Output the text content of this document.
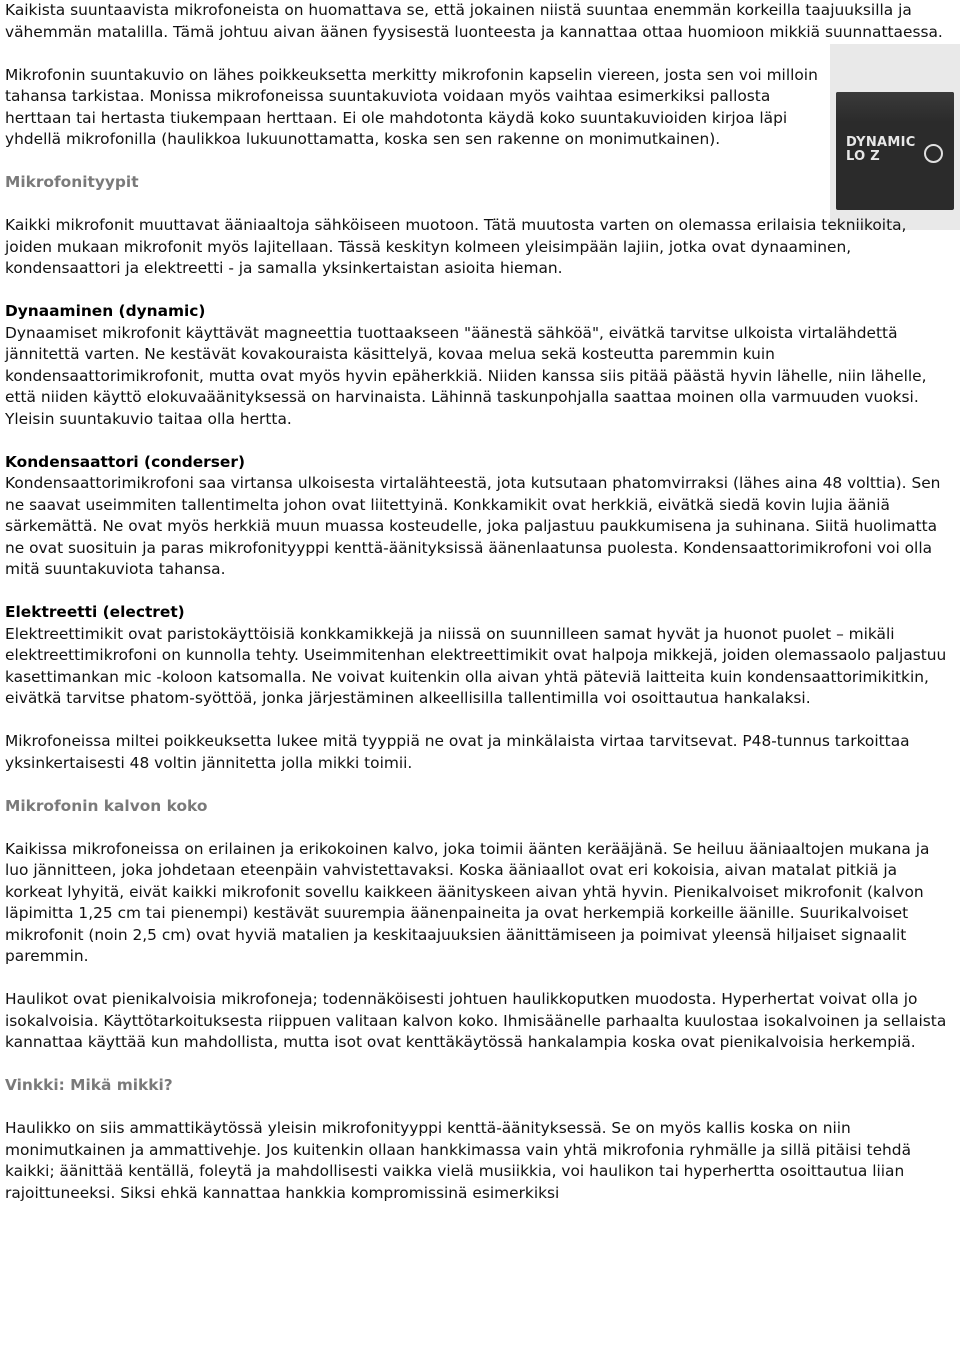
DYNAMIC
LO Z

Kaikista suuntaavista mikrofoneista on huomattava se, että jokainen niistä suuntaa enemmän korkeilla taajuuksilla ja vähemmän matalilla. Tämä johtuu aivan äänen fyysisestä luonteesta ja kannattaa ottaa huomioon mikkiä suunnattaessa.

Mikrofonin suuntakuvio on lähes poikkeuksetta merkitty mikrofonin kapselin viereen, josta sen voi milloin tahansa tarkistaa. Monissa mikrofoneissa suuntakuviota voidaan myös vaihtaa esimerkiksi pallosta herttaan tai hertasta tiukempaan herttaan. Ei ole mahdotonta käydä koko suuntakuvioiden kirjoa läpi yhdellä mikrofonilla (haulikkoa lukuunottamatta, koska sen sen rakenne on monimutkainen).

Mikrofonityypit

Kaikki mikrofonit muuttavat ääniaaltoja sähköiseen muotoon. Tätä muutosta varten on olemassa erilaisia tekniikoita, joiden mukaan mikrofonit myös lajitellaan. Tässä keskityn kolmeen yleisimpään lajiin, jotka ovat dynaaminen, kondensaattori ja elektreetti - ja samalla yksinkertaistan asioita hieman.

Dynaaminen (dynamic)

Dynaamiset mikrofonit käyttävät magneettia tuottaakseen "äänestä sähköä", eivätkä tarvitse ulkoista virtalähdettä jännitettä varten. Ne kestävät kovakouraista käsittelyä, kovaa melua sekä kosteutta paremmin kuin kondensaattorimikrofonit, mutta ovat myös hyvin epäherkkiä. Niiden kanssa siis pitää päästä hyvin lähelle, niin lähelle, että niiden käyttö elokuvaäänityksessä on harvinaista. Lähinnä taskunpohjalla saattaa moinen olla varmuuden vuoksi. Yleisin suuntakuvio taitaa olla hertta.

Kondensaattori (conderser)

Kondensaattorimikrofoni saa virtansa ulkoisesta virtalähteestä, jota kutsutaan phatomvirraksi (lähes aina 48 volttia). Sen ne saavat useimmiten tallentimelta johon ovat liitettyinä. Konkkamikit ovat herkkiä, eivätkä siedä kovin lujia ääniä särkemättä. Ne ovat myös herkkiä muun muassa kosteudelle, joka paljastuu paukkumisena ja suhinana. Siitä huolimatta ne ovat suosituin ja paras mikrofonityyppi kenttä-äänityksissä äänenlaatunsa puolesta. Kondensaattorimikrofoni voi olla mitä suuntakuviota tahansa.

Elektreetti (electret)

Elektreettimikit ovat paristokäyttöisiä konkkamikkejä ja niissä on suunnilleen samat hyvät ja huonot puolet – mikäli elektreettimikrofoni on kunnolla tehty. Useimmitenhan elektreettimikit ovat halpoja mikkejä, joiden olemassaolo paljastuu kasettimankan mic -koloon katsomalla. Ne voivat kuitenkin olla aivan yhtä päteviä laitteita kuin kondensaattorimikitkin, eivätkä tarvitse phatom-syöttöä, jonka järjestäminen alkeellisilla tallentimilla voi osoittautua hankalaksi.

Mikrofoneissa miltei poikkeuksetta lukee mitä tyyppiä ne ovat ja minkälaista virtaa tarvitsevat. P48-tunnus tarkoittaa yksinkertaisesti 48 voltin jännitetta jolla mikki toimii.

Mikrofonin kalvon koko

Kaikissa mikrofoneissa on erilainen ja erikokoinen kalvo, joka toimii äänten kerääjänä. Se heiluu ääniaaltojen mukana ja luo jännitteen, joka johdetaan eteenpäin vahvistettavaksi. Koska ääniaallot ovat eri kokoisia, aivan matalat pitkiä ja korkeat lyhyitä, eivät kaikki mikrofonit sovellu kaikkeen äänityskeen aivan yhtä hyvin. Pienikalvoiset mikrofonit (kalvon läpimitta 1,25 cm tai pienempi) kestävät suurempia äänenpaineita ja ovat herkempiä korkeille äänille. Suurikalvoiset mikrofonit (noin 2,5 cm) ovat hyviä matalien ja keskitaajuuksien äänittämiseen ja poimivat yleensä hiljaiset signaalit paremmin.

Haulikot ovat pienikalvoisia mikrofoneja; todennäköisesti johtuen haulikkoputken muodosta. Hyperhertat voivat olla jo isokalvoisia. Käyttötarkoituksesta riippuen valitaan kalvon koko. Ihmisäänelle parhaalta kuulostaa isokalvoinen ja sellaista kannattaa käyttää kun mahdollista, mutta isot ovat kenttäkäytössä hankalampia koska ovat pienikalvoisia herkempiä.

Vinkki: Mikä mikki?

Haulikko on siis ammattikäytössä yleisin mikrofonityyppi kenttä-äänityksessä. Se on myös kallis koska on niin monimutkainen ja ammattivehje. Jos kuitenkin ollaan hankkimassa vain yhtä mikrofonia ryhmälle ja sillä pitäisi tehdä kaikki; äänittää kentällä, foleytä ja mahdollisesti vaikka vielä musiikkia, voi haulikon tai hyperhertta osoittautua liian rajoittuneeksi. Siksi ehkä kannattaa hankkia kompromissinä esimerkiksi
